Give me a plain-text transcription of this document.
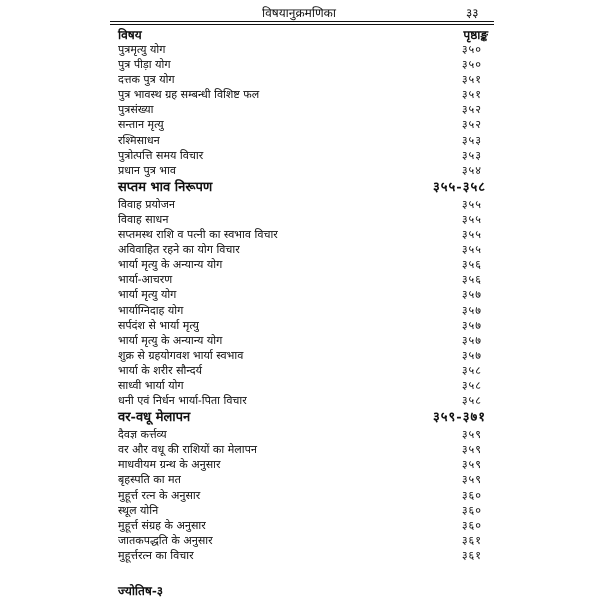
विषयानुक्रमणिका	३३
विषय	पृष्ठाङ्क
पुत्रमृत्यु योग	३५०
पुत्र पीड़ा योग	३५०
दत्तक पुत्र योग	३५१
पुत्र भावस्थ ग्रह सम्बन्धी विशिष्ट फल	३५१
पुत्रसंख्या	३५२
सन्तान मृत्यु	३५२
रश्मिसाधन	३५३
पुत्रोत्पत्ति समय विचार	३५३
प्रधान पुत्र भाव	३५४
सप्तम भाव निरूपण	३५५-३५८
विवाह प्रयोजन	३५५
विवाह साधन	३५५
सप्तमस्थ राशि व पत्नी का स्वभाव विचार	३५५
अविवाहित रहने का योग विचार	३५५
भार्या मृत्यु के अन्यान्य योग	३५६
भार्या-आचरण	३५६
भार्या मृत्यु योग	३५७
भार्याग्निदाह योग	३५७
सर्पदंश से भार्या मृत्यु	३५७
भार्या मृत्यु के अन्यान्य योग	३५७
शुक्र से ग्रहयोगवश भार्या स्वभाव	३५७
भार्या के शरीर सौन्दर्य	३५८
साध्वी भार्या योग	३५८
धनी एवं निर्धन भार्या-पिता विचार	३५८
वर-वधू मेलापन	३५९-३७१
दैवज्ञ कर्त्तव्य	३५९
वर और वधू की राशियों का मेलापन	३५९
माधवीयम ग्रन्थ के अनुसार	३५९
बृहस्पति का मत	३५९
मुहूर्त्त रत्न के अनुसार	३६०
स्थूल योनि	३६०
मुहूर्त्त संग्रह के अनुसार	३६०
जातकपद्धति के अनुसार	३६१
मुहूर्त्तरत्न का विचार	३६१
ज्योतिष-३
